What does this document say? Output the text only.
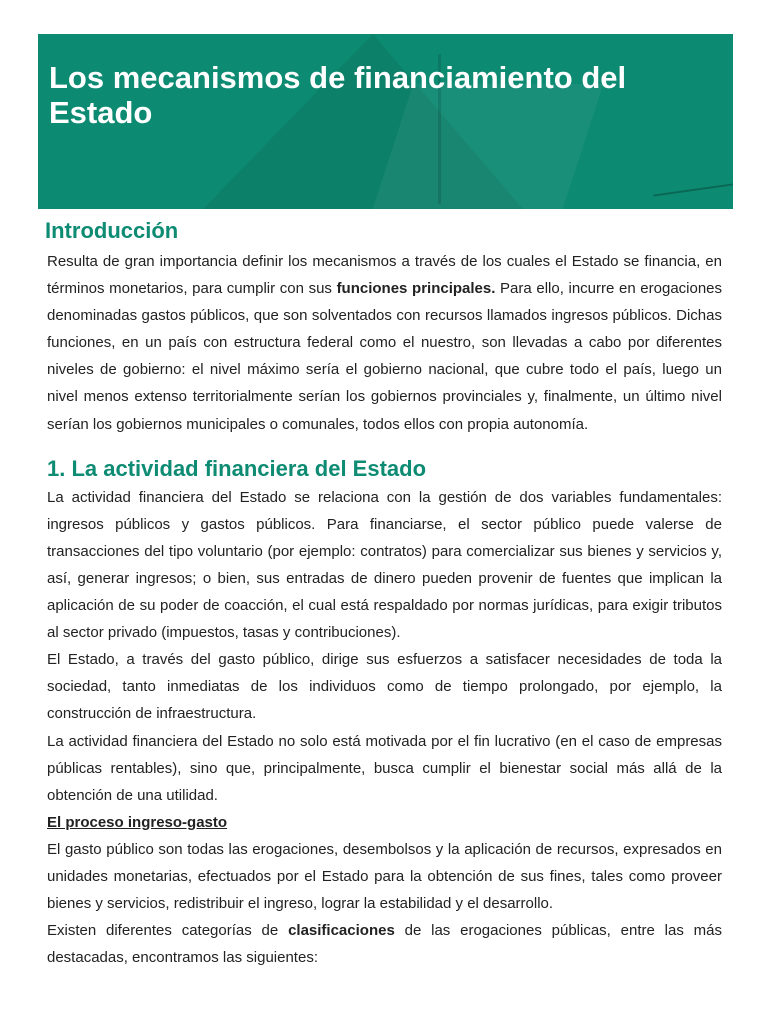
Los mecanismos de financiamiento del Estado
Introducción

Resulta de gran importancia definir los mecanismos a través de los cuales el Estado se financia, en términos monetarios, para cumplir con sus funciones principales. Para ello, incurre en erogaciones denominadas gastos públicos, que son solventados con recursos llamados ingresos públicos. Dichas funciones, en un país con estructura federal como el nuestro, son llevadas a cabo por diferentes niveles de gobierno: el nivel máximo sería el gobierno nacional, que cubre todo el país, luego un nivel menos extenso territorialmente serían los gobiernos provinciales y, finalmente, un último nivel serían los gobiernos municipales o comunales, todos ellos con propia autonomía.

1. La actividad financiera del Estado

La actividad financiera del Estado se relaciona con la gestión de dos variables fundamentales: ingresos públicos y gastos públicos. Para financiarse, el sector público puede valerse de transacciones del tipo voluntario (por ejemplo: contratos) para comercializar sus bienes y servicios y, así, generar ingresos; o bien, sus entradas de dinero pueden provenir de fuentes que implican la aplicación de su poder de coacción, el cual está respaldado por normas jurídicas, para exigir tributos al sector privado (impuestos, tasas y contribuciones).

El Estado, a través del gasto público, dirige sus esfuerzos a satisfacer necesidades de toda la sociedad, tanto inmediatas de los individuos como de tiempo prolongado, por ejemplo, la construcción de infraestructura.

La actividad financiera del Estado no solo está motivada por el fin lucrativo (en el caso de empresas públicas rentables), sino que, principalmente, busca cumplir el bienestar social más allá de la obtención de una utilidad.

El proceso ingreso-gasto

El gasto público son todas las erogaciones, desembolsos y la aplicación de recursos, expresados en unidades monetarias, efectuados por el Estado para la obtención de sus fines, tales como proveer bienes y servicios, redistribuir el ingreso, lograr la estabilidad y el desarrollo.

Existen diferentes categorías de clasificaciones de las erogaciones públicas, entre las más destacadas, encontramos las siguientes:
